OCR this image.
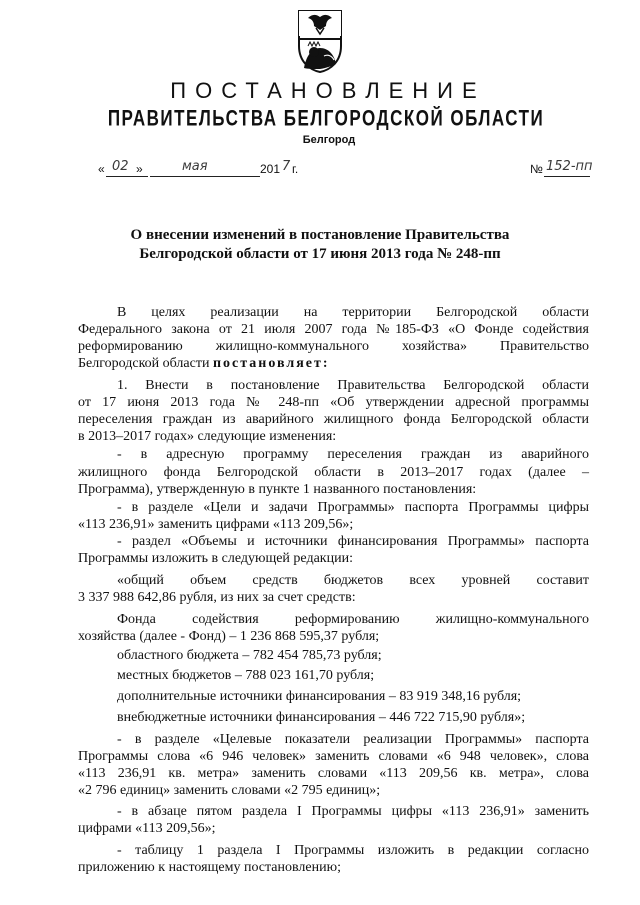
ПОСТАНОВЛЕНИЕ
ПРАВИТЕЛЬСТВА БЕЛГОРОДСКОЙ ОБЛАСТИ
Белгород
« 02 »	мая	201 7 г.	№ 152-пп
О внесении изменений в постановление Правительства
Белгородской области от 17 июня 2013 года № 248-пп
В целях реализации на территории Белгородской области
Федерального закона от 21 июля 2007 года №185-ФЗ «О Фонде содействия
реформированию жилищно-коммунального хозяйства» Правительство
Белгородской области постановляет:
1. Внести в постановление Правительства Белгородской области
от 17 июня 2013 года № 248-пп «Об утверждении адресной программы
переселения граждан из аварийного жилищного фонда Белгородской области
в 2013–2017 годах» следующие изменения:
- в адресную программу переселения граждан из аварийного
жилищного фонда Белгородской области в 2013–2017 годах (далее –
Программа), утвержденную в пункте 1 названного постановления:
- в разделе «Цели и задачи Программы» паспорта Программы цифры
«113 236,91» заменить цифрами «113 209,56»;
- раздел «Объемы и источники финансирования Программы» паспорта
Программы изложить в следующей редакции:
«общий объем средств бюджетов всех уровней составит
3 337 988 642,86 рубля, из них за счет средств:
Фонда содействия реформированию жилищно-коммунального
хозяйства (далее - Фонд) – 1 236 868 595,37 рубля;
областного бюджета – 782 454 785,73 рубля;
местных бюджетов – 788 023 161,70 рубля;
дополнительные источники финансирования – 83 919 348,16 рубля;
внебюджетные источники финансирования – 446 722 715,90 рубля»;
- в разделе «Целевые показатели реализации Программы» паспорта
Программы слова «6 946 человек» заменить словами «6 948 человек», слова
«113 236,91 кв. метра» заменить словами «113 209,56 кв. метра», слова
«2 796 единиц» заменить словами «2 795 единиц»;
- в абзаце пятом раздела I Программы цифры «113 236,91» заменить
цифрами «113 209,56»;
- таблицу 1 раздела I Программы изложить в редакции согласно
приложению к настоящему постановлению;
